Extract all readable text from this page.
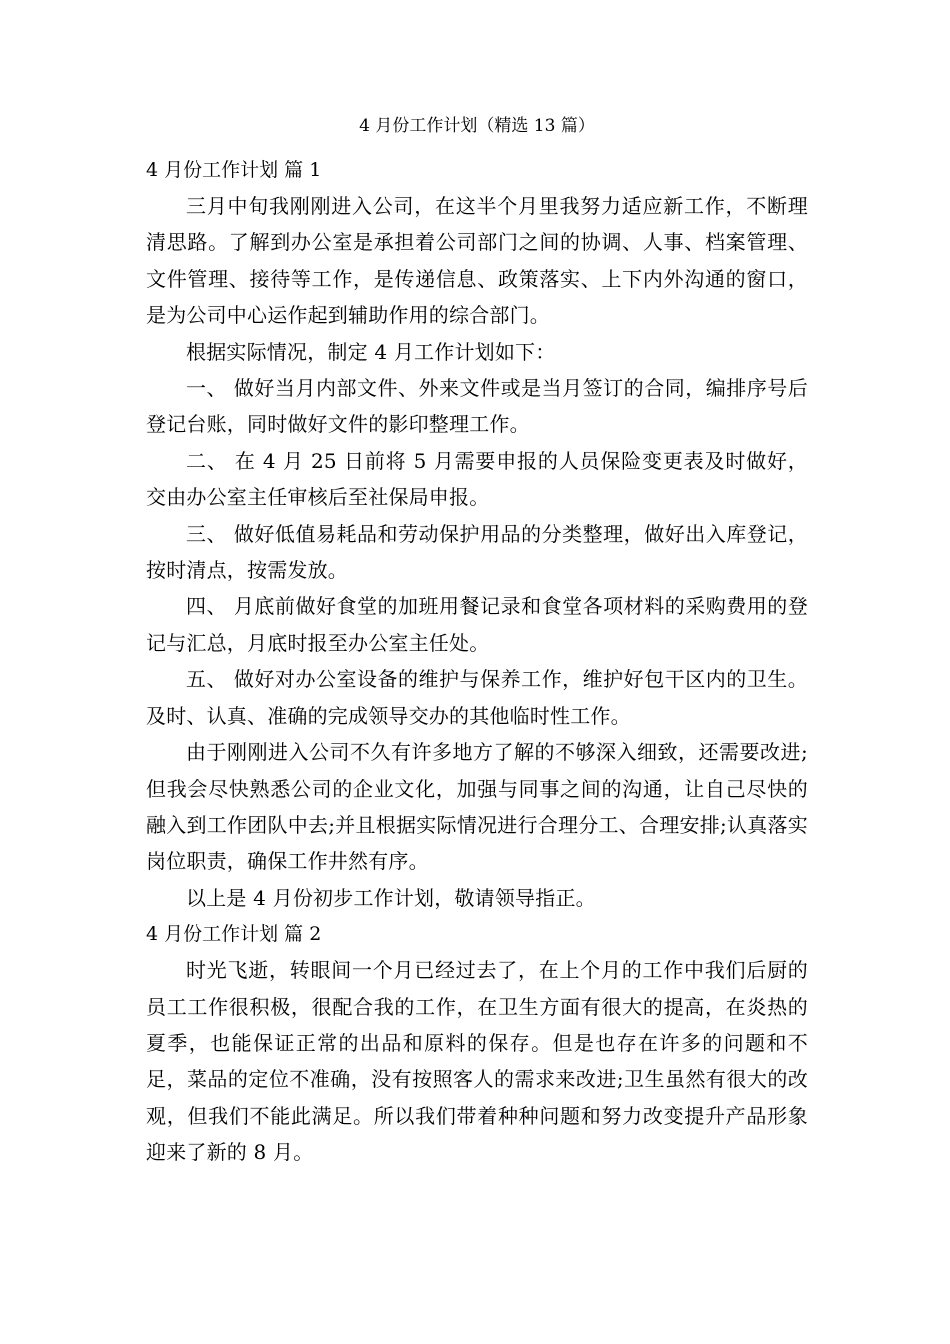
4 月份工作计划（精选 13 篇）
4 月份工作计划 篇 1

三月中旬我刚刚进入公司，在这半个月里我努力适应新工作，不断理清思路。了解到办公室是承担着公司部门之间的协调、人事、档案管理、文件管理、接待等工作，是传递信息、政策落实、上下内外沟通的窗口，是为公司中心运作起到辅助作用的综合部门。

根据实际情况，制定 4 月工作计划如下：

一、 做好当月内部文件、外来文件或是当月签订的合同，编排序号后登记台账，同时做好文件的影印整理工作。

二、 在 4 月 25 日前将 5 月需要申报的人员保险变更表及时做好，交由办公室主任审核后至社保局申报。

三、 做好低值易耗品和劳动保护用品的分类整理，做好出入库登记，按时清点，按需发放。

四、 月底前做好食堂的加班用餐记录和食堂各项材料的采购费用的登记与汇总，月底时报至办公室主任处。

五、 做好对办公室设备的维护与保养工作，维护好包干区内的卫生。 及时、认真、准确的完成领导交办的其他临时性工作。

由于刚刚进入公司不久有许多地方了解的不够深入细致，还需要改进;但我会尽快熟悉公司的企业文化，加强与同事之间的沟通，让自己尽快的融入到工作团队中去;并且根据实际情况进行合理分工、合理安排;认真落实岗位职责，确保工作井然有序。

以上是 4 月份初步工作计划，敬请领导指正。

4 月份工作计划 篇 2

时光飞逝，转眼间一个月已经过去了，在上个月的工作中我们后厨的员工工作很积极，很配合我的工作，在卫生方面有很大的提高，在炎热的夏季，也能保证正常的出品和原料的保存。但是也存在许多的问题和不足，菜品的定位不准确，没有按照客人的需求来改进;卫生虽然有很大的改观，但我们不能此满足。所以我们带着种种问题和努力改变提升产品形象迎来了新的 8 月。
